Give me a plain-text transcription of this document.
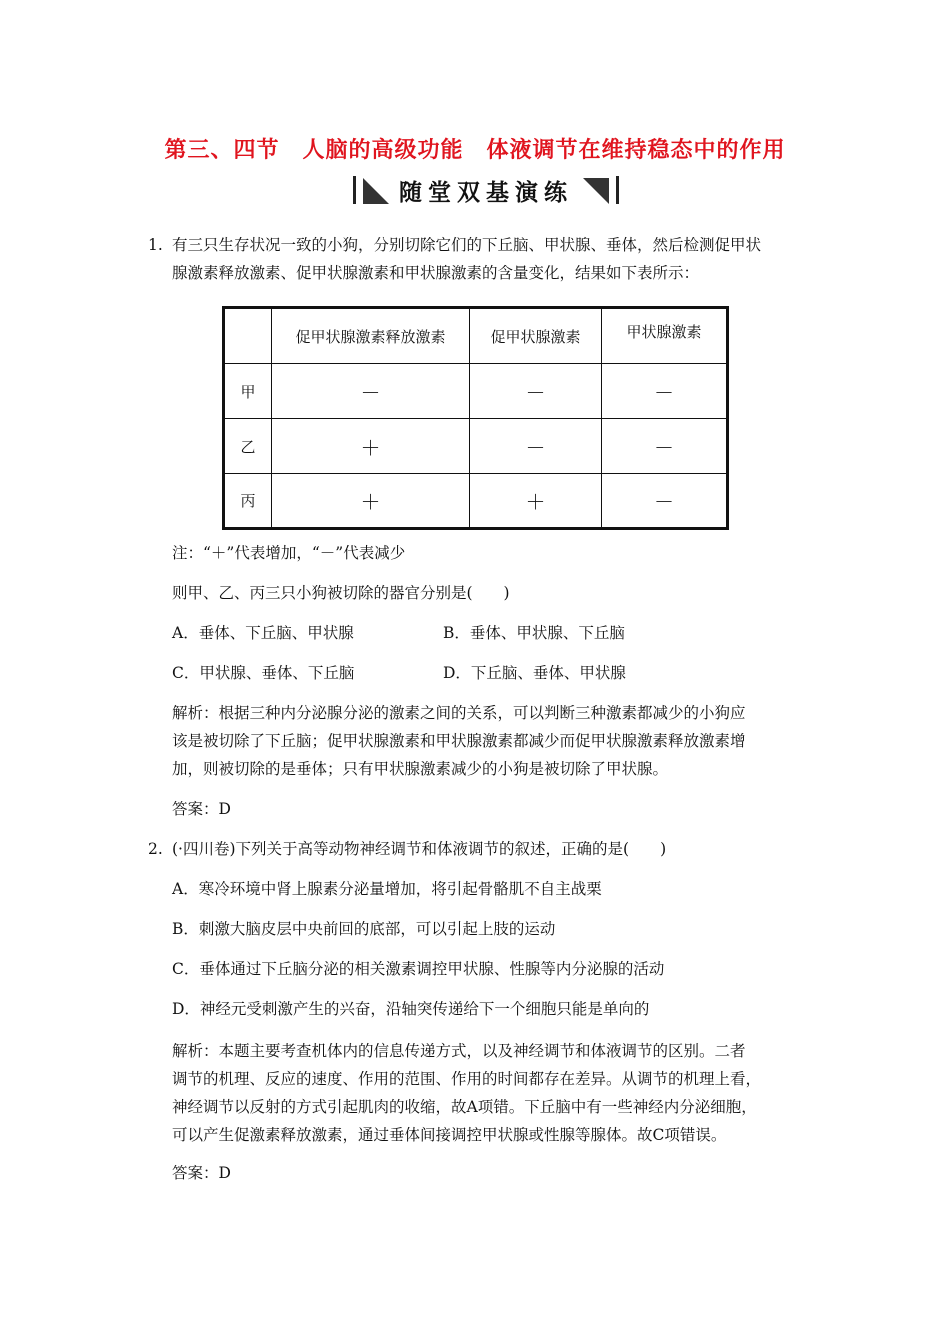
第三、四节　人脑的高级功能　体液调节在维持稳态中的作用
随堂双基演练
1. 有三只生存状况一致的小狗，分别切除它们的下丘脑、甲状腺、垂体，然后检测促甲状
腺激素释放激素、促甲状腺激素和甲状腺激素的含量变化，结果如下表所示：
	促甲状腺激素释放激素	促甲状腺激素	甲状腺激素
甲	－	－	－
乙	＋	－	－
丙	＋	＋	－
注：“＋”代表增加，“－”代表减少
则甲、乙、丙三只小狗被切除的器官分别是(　　)
A．垂体、下丘脑、甲状腺	B．垂体、甲状腺、下丘脑
C．甲状腺、垂体、下丘脑	D．下丘脑、垂体、甲状腺
解析：根据三种内分泌腺分泌的激素之间的关系，可以判断三种激素都减少的小狗应
该是被切除了下丘脑；促甲状腺激素和甲状腺激素都减少而促甲状腺激素释放激素增
加，则被切除的是垂体；只有甲状腺激素减少的小狗是被切除了甲状腺。
答案：D
2. (·四川卷)下列关于高等动物神经调节和体液调节的叙述，正确的是(　　)
A．寒冷环境中肾上腺素分泌量增加，将引起骨骼肌不自主战栗
B．刺激大脑皮层中央前回的底部，可以引起上肢的运动
C．垂体通过下丘脑分泌的相关激素调控甲状腺、性腺等内分泌腺的活动
D．神经元受刺激产生的兴奋，沿轴突传递给下一个细胞只能是单向的
解析：本题主要考查机体内的信息传递方式，以及神经调节和体液调节的区别。二者
调节的机理、反应的速度、作用的范围、作用的时间都存在差异。从调节的机理上看，
神经调节以反射的方式引起肌肉的收缩，故A项错。下丘脑中有一些神经内分泌细胞，
可以产生促激素释放激素，通过垂体间接调控甲状腺或性腺等腺体。故C项错误。
答案：D
